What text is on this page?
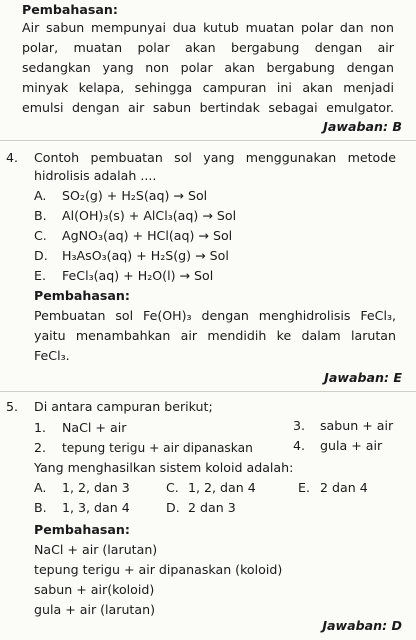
Pembahasan:
Air sabun mempunyai dua kutub muatan polar dan non
polar, muatan polar akan bergabung dengan air
sedangkan yang non polar akan bergabung dengan
minyak kelapa, sehingga campuran ini akan menjadi
emulsi dengan air sabun bertindak sebagai emulgator.
Jawaban: B
4. Contoh pembuatan sol yang menggunakan metode
hidrolisis adalah ....
A. SO₂(g) + H₂S(aq) → Sol
B. Al(OH)₃(s) + AlCl₃(aq) → Sol
C. AgNO₃(aq) + HCl(aq) → Sol
D. H₃AsO₃(aq) + H₂S(g) → Sol
E. FeCl₃(aq) + H₂O(l) → Sol
Pembahasan:
Pembuatan sol Fe(OH)₃ dengan menghidrolisis FeCl₃,
yaitu menambahkan air mendidih ke dalam larutan
FeCl₃.
Jawaban: E
5. Di antara campuran berikut;
1. NaCl + air	3. sabun + air
2. tepung terigu + air dipanaskan	4. gula + air
Yang menghasilkan sistem koloid adalah:
A. 1, 2, dan 3	C. 1, 2, dan 4	E. 2 dan 4
B. 1, 3, dan 4	D. 2 dan 3
Pembahasan:
NaCl + air (larutan)
tepung terigu + air dipanaskan (koloid)
sabun + air(koloid)
gula + air (larutan)
Jawaban: D
